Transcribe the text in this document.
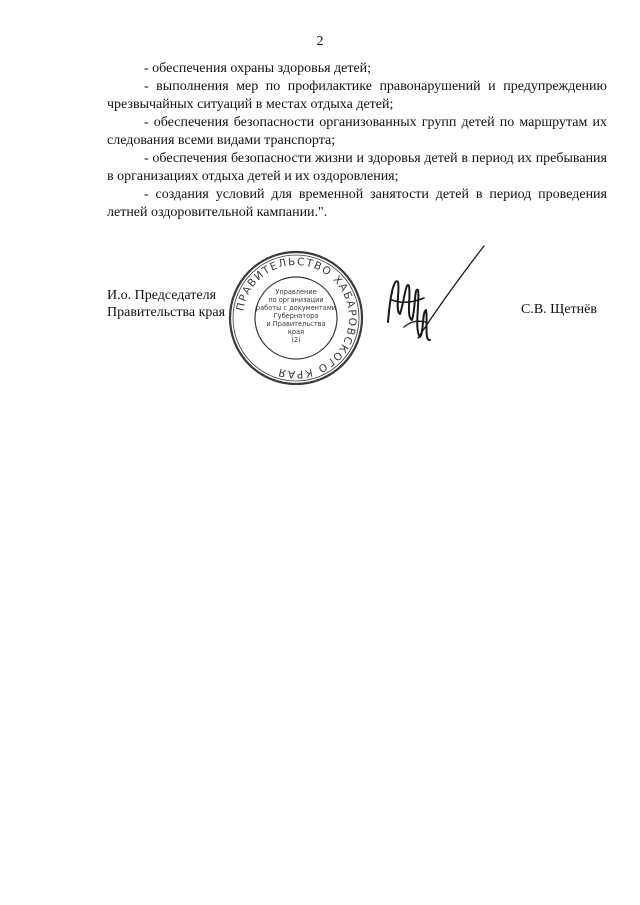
2

- обеспечения охраны здоровья детей;

- выполнения мер по профилактике правонарушений и предупреждению чрезвычайных ситуаций в местах отдыха детей;

- обеспечения безопасности организованных групп детей по маршрутам их следования всеми видами транспорта;

- обеспечения безопасности жизни и здоровья детей в период их пребывания в организациях отдыха детей и их оздоровления;

- создания условий для временной занятости детей в период проведения летней оздоровительной кампании.".

И.о. Председателя
Правительства края ПРАВИТЕЛЬСТВО ХАБАРОВСКОГО КРАЯ
Управление
по организации
работы с документами
Губернатора
и Правительства
края
(2)
С.В. Щетнёв
